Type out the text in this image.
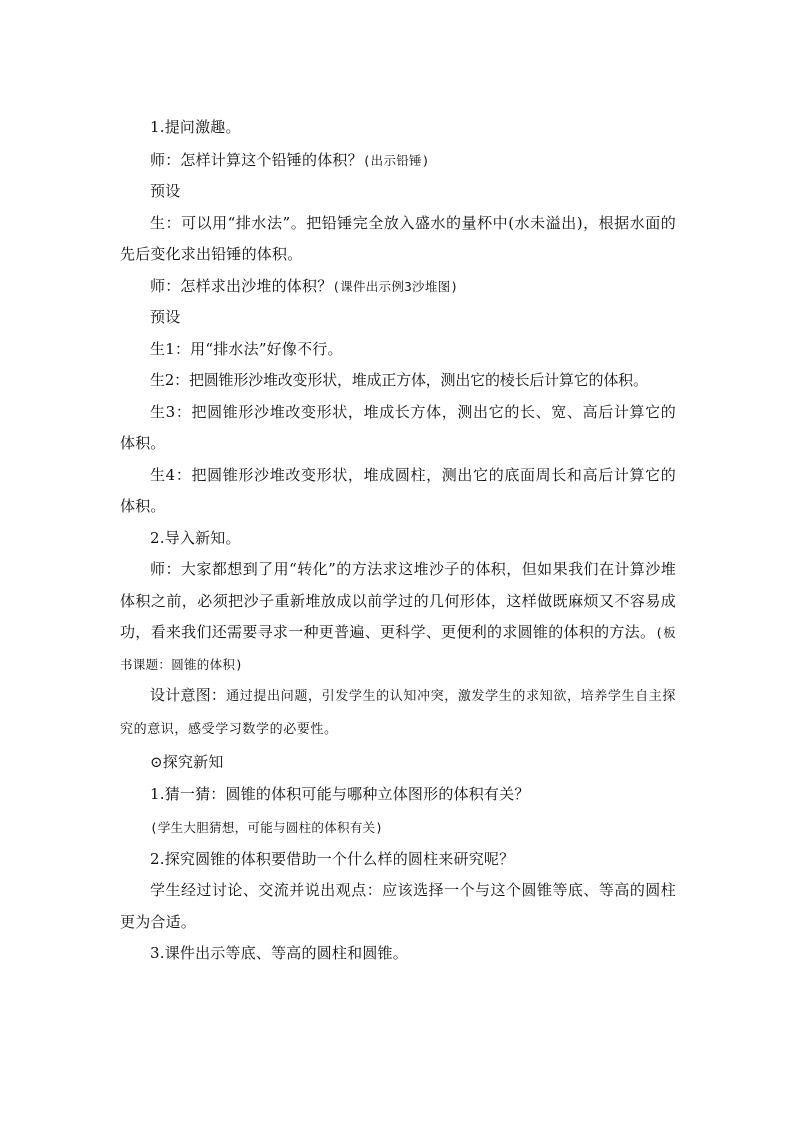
1.提问激趣。

师：怎样计算这个铅锤的体积？(出示铅锤)

预设

生：可以用“排水法”。把铅锤完全放入盛水的量杯中(水未溢出)，根据水面的先后变化求出铅锤的体积。

师：怎样求出沙堆的体积？(课件出示例3沙堆图)

预设

生1：用“排水法”好像不行。

生2：把圆锥形沙堆改变形状，堆成正方体，测出它的棱长后计算它的体积。

生3：把圆锥形沙堆改变形状，堆成长方体，测出它的长、宽、高后计算它的体积。

生4：把圆锥形沙堆改变形状，堆成圆柱，测出它的底面周长和高后计算它的体积。

2.导入新知。

师：大家都想到了用“转化”的方法求这堆沙子的体积，但如果我们在计算沙堆体积之前，必须把沙子重新堆放成以前学过的几何形体，这样做既麻烦又不容易成功，看来我们还需要寻求一种更普遍、更科学、更便利的求圆锥的体积的方法。(板书课题：圆锥的体积)

设计意图：通过提出问题，引发学生的认知冲突，激发学生的求知欲，培养学生自主探究的意识，感受学习数学的必要性。

⊙探究新知

1.猜一猜：圆锥的体积可能与哪种立体图形的体积有关？

(学生大胆猜想，可能与圆柱的体积有关)

2.探究圆锥的体积要借助一个什么样的圆柱来研究呢？

学生经过讨论、交流并说出观点：应该选择一个与这个圆锥等底、等高的圆柱更为合适。

3.课件出示等底、等高的圆柱和圆锥。
